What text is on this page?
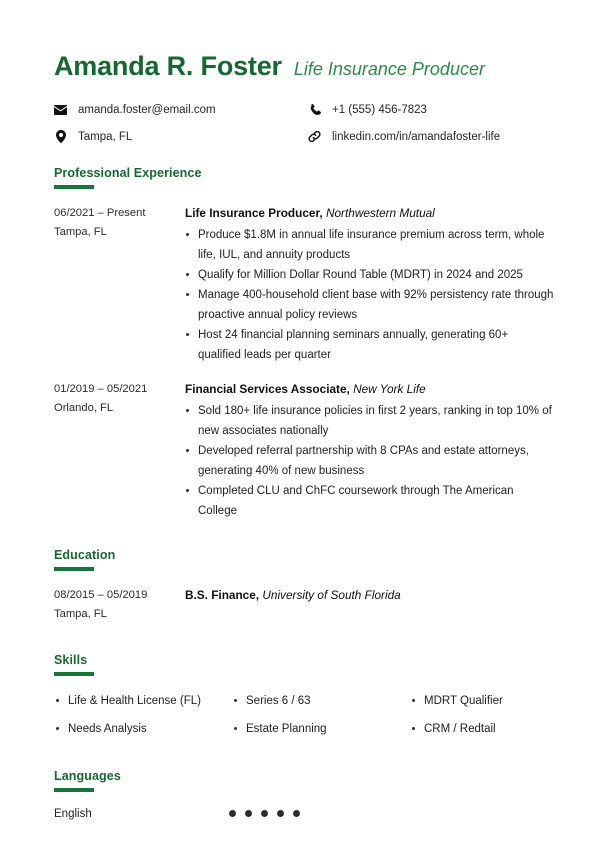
Amanda R. Foster Life Insurance Producer
amanda.foster@email.com	+1 (555) 456-7823
Tampa, FL	linkedin.com/in/amandafoster-life
Professional Experience
06/2021 – Present
Tampa, FL
Life Insurance Producer, Northwestern Mutual
Produce $1.8M in annual life insurance premium across term, whole life, IUL, and annuity products
Qualify for Million Dollar Round Table (MDRT) in 2024 and 2025
Manage 400-household client base with 92% persistency rate through proactive annual policy reviews
Host 24 financial planning seminars annually, generating 60+ qualified leads per quarter
01/2019 – 05/2021
Orlando, FL
Financial Services Associate, New York Life
Sold 180+ life insurance policies in first 2 years, ranking in top 10% of new associates nationally
Developed referral partnership with 8 CPAs and estate attorneys, generating 40% of new business
Completed CLU and ChFC coursework through The American College
Education
08/2015 – 05/2019
Tampa, FL
B.S. Finance, University of South Florida
Skills
Life & Health License (FL)	Series 6 / 63	MDRT Qualifier
Needs Analysis	Estate Planning	CRM / Redtail
Languages
English
